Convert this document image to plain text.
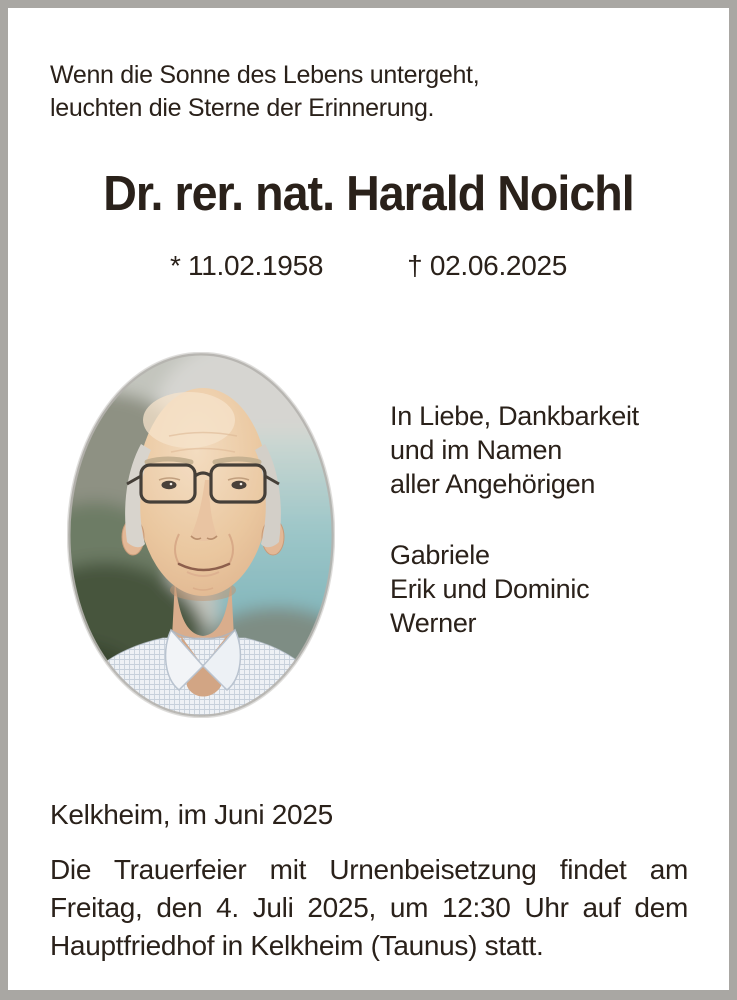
Wenn die Sonne des Lebens untergeht,
leuchten die Sterne der Erinnerung.
Dr. rer. nat. Harald Noichl
* 11.02.1958	† 02.06.2025
In Liebe, Dankbarkeit
und im Namen
aller Angehörigen
Gabriele
Erik und Dominic
Werner
Kelkheim, im Juni 2025
Die Trauerfeier mit Urnenbeisetzung findet am
Freitag, den 4. Juli 2025, um 12:30 Uhr auf dem
Hauptfriedhof in Kelkheim (Taunus) statt.
